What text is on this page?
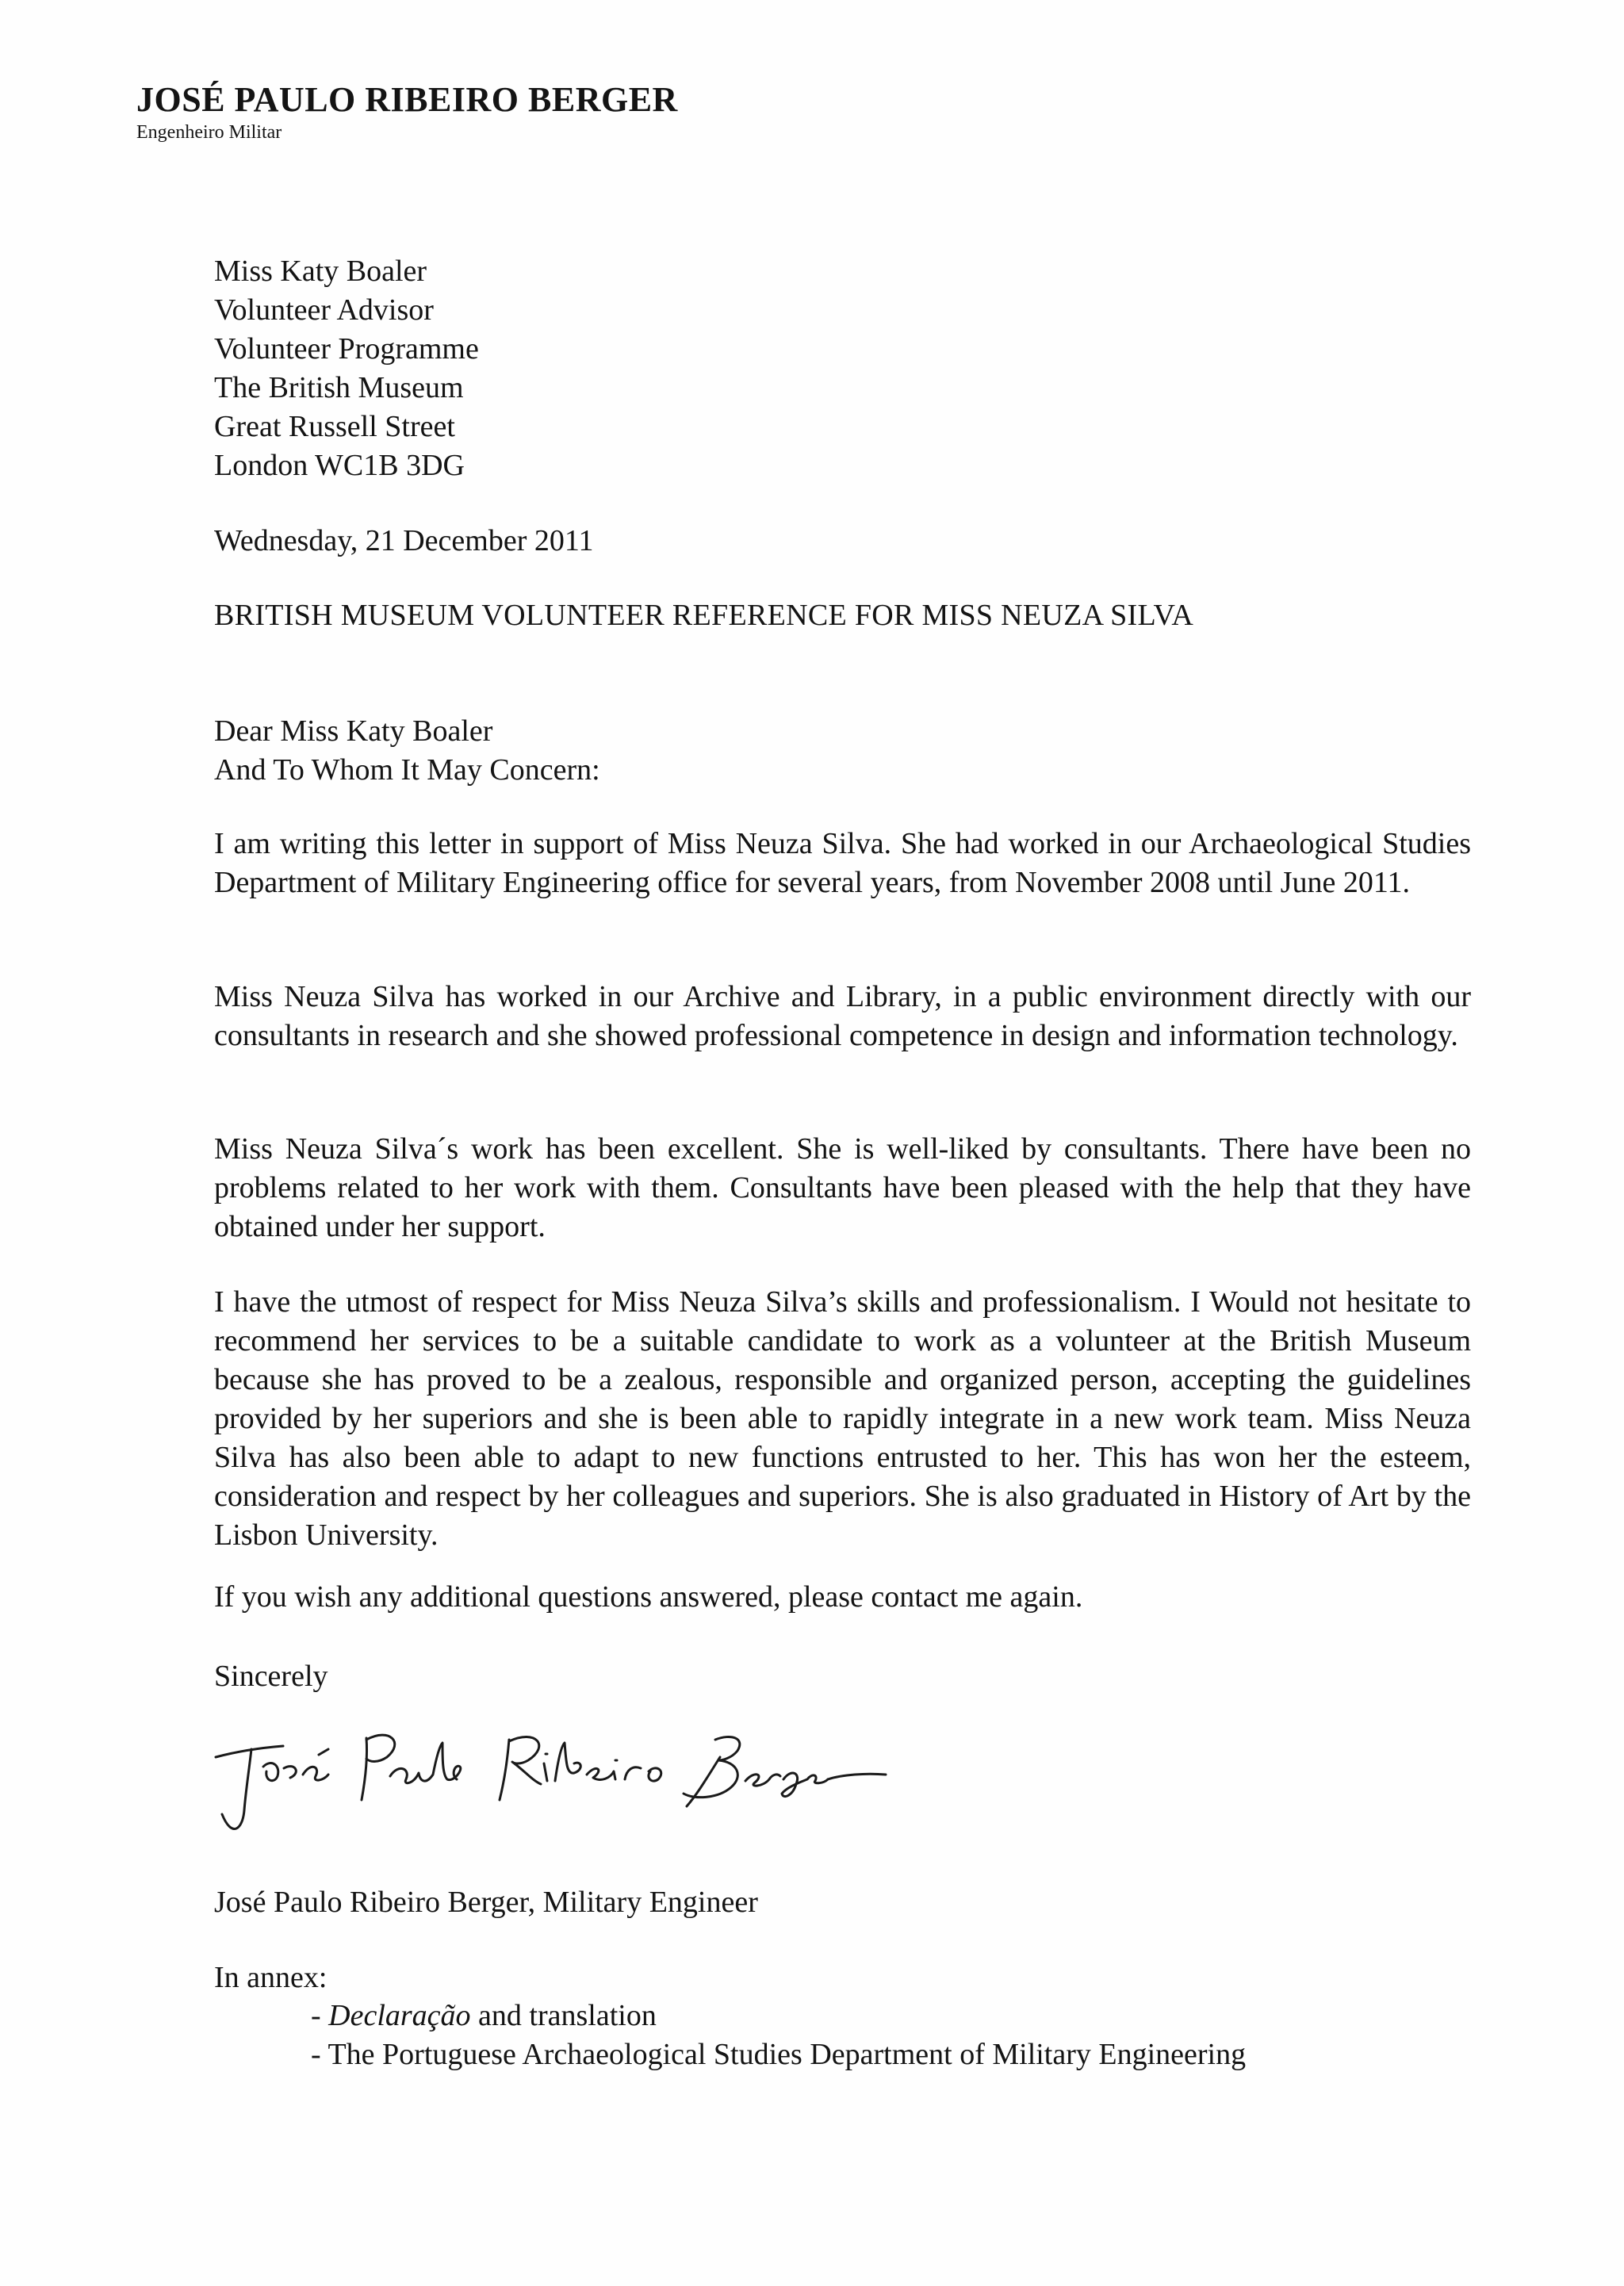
JOSÉ PAULO RIBEIRO BERGER
Engenheiro Militar
Miss Katy Boaler
Volunteer Advisor
Volunteer Programme
The British Museum
Great Russell Street
London WC1B 3DG
Wednesday, 21 December 2011
BRITISH MUSEUM VOLUNTEER REFERENCE FOR MISS NEUZA SILVA
Dear Miss Katy Boaler
And To Whom It May Concern:

I am writing this letter in support of Miss Neuza Silva. She had worked in our Archaeological Studies Department of Military Engineering office for several years, from November 2008 until June 2011.

Miss Neuza Silva has worked in our Archive and Library, in a public environment directly with our consultants in research and she showed professional competence in design and information technology.

Miss Neuza Silva´s work has been excellent. She is well-liked by consultants. There have been no problems related to her work with them. Consultants have been pleased with the help that they have obtained under her support.

I have the utmost of respect for Miss Neuza Silva’s skills and professionalism. I Would not hesitate to recommend her services to be a suitable candidate to work as a volunteer at the British Museum because she has proved to be a zealous, responsible and organized person, accepting the guidelines provided by her superiors and she is been able to rapidly integrate in a new work team. Miss Neuza Silva has also been able to adapt to new functions entrusted to her. This has won her the esteem, consideration and respect by her colleagues and superiors. She is also graduated in History of Art by the Lisbon University.

If you wish any additional questions answered, please contact me again.

Sincerely
José Paulo Ribeiro Berger, Military Engineer
In annex:
- Declaração and translation
- The Portuguese Archaeological Studies Department of Military Engineering
